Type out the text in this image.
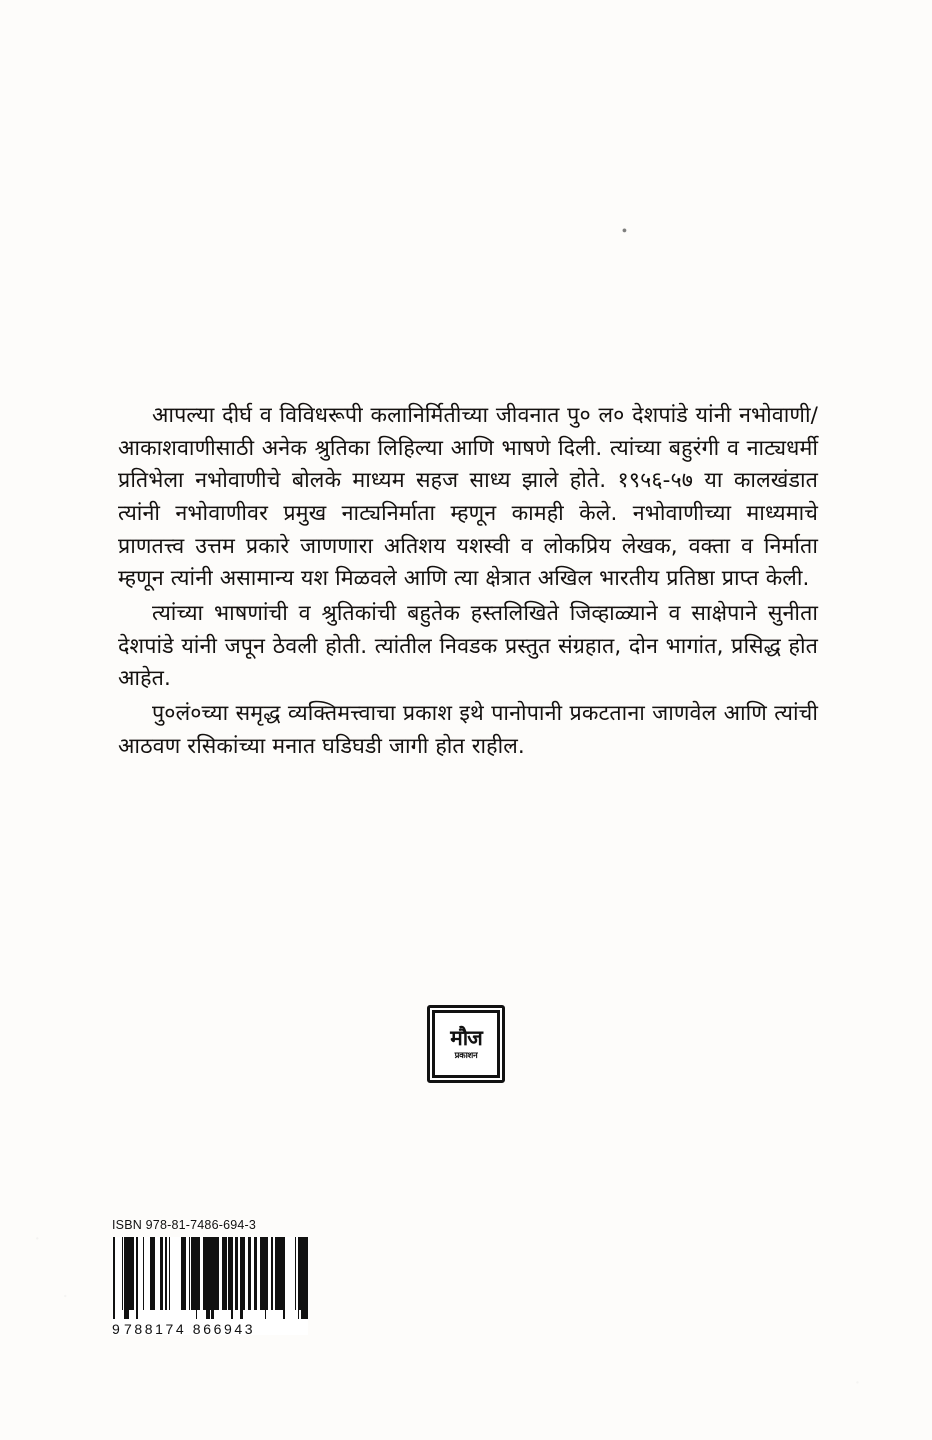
आपल्या दीर्घ व विविधरूपी कलानिर्मितीच्या जीवनात पु० ल० देशपांडे यांनी नभोवाणी/आकाशवाणीसाठी अनेक श्रुतिका लिहिल्या आणि भाषणे दिली. त्यांच्या बहुरंगी व नाट्यधर्मी प्रतिभेला नभोवाणीचे बोलके माध्यम सहज साध्य झाले होते. १९५६-५७ या कालखंडात त्यांनी नभोवाणीवर प्रमुख नाट्यनिर्माता म्हणून कामही केले. नभोवाणीच्या माध्यमाचे प्राणतत्त्व उत्तम प्रकारे जाणणारा अतिशय यशस्वी व लोकप्रिय लेखक, वक्ता व निर्माता म्हणून त्यांनी असामान्य यश मिळवले आणि त्या क्षेत्रात अखिल भारतीय प्रतिष्ठा प्राप्त केली.

त्यांच्या भाषणांची व श्रुतिकांची बहुतेक हस्तलिखिते जिव्हाळ्याने व साक्षेपाने सुनीता देशपांडे यांनी जपून ठेवली होती. त्यांतील निवडक प्रस्तुत संग्रहात, दोन भागांत, प्रसिद्ध होत आहेत.

पु०लं०च्या समृद्ध व्यक्तिमत्त्वाचा प्रकाश इथे पानोपानी प्रकटताना जाणवेल आणि त्यांची आठवण रसिकांच्या मनात घडिघडी जागी होत राहील.

मौज
प्रकाशन
ISBN 978-81-7486-694-3
9 788174 866943
